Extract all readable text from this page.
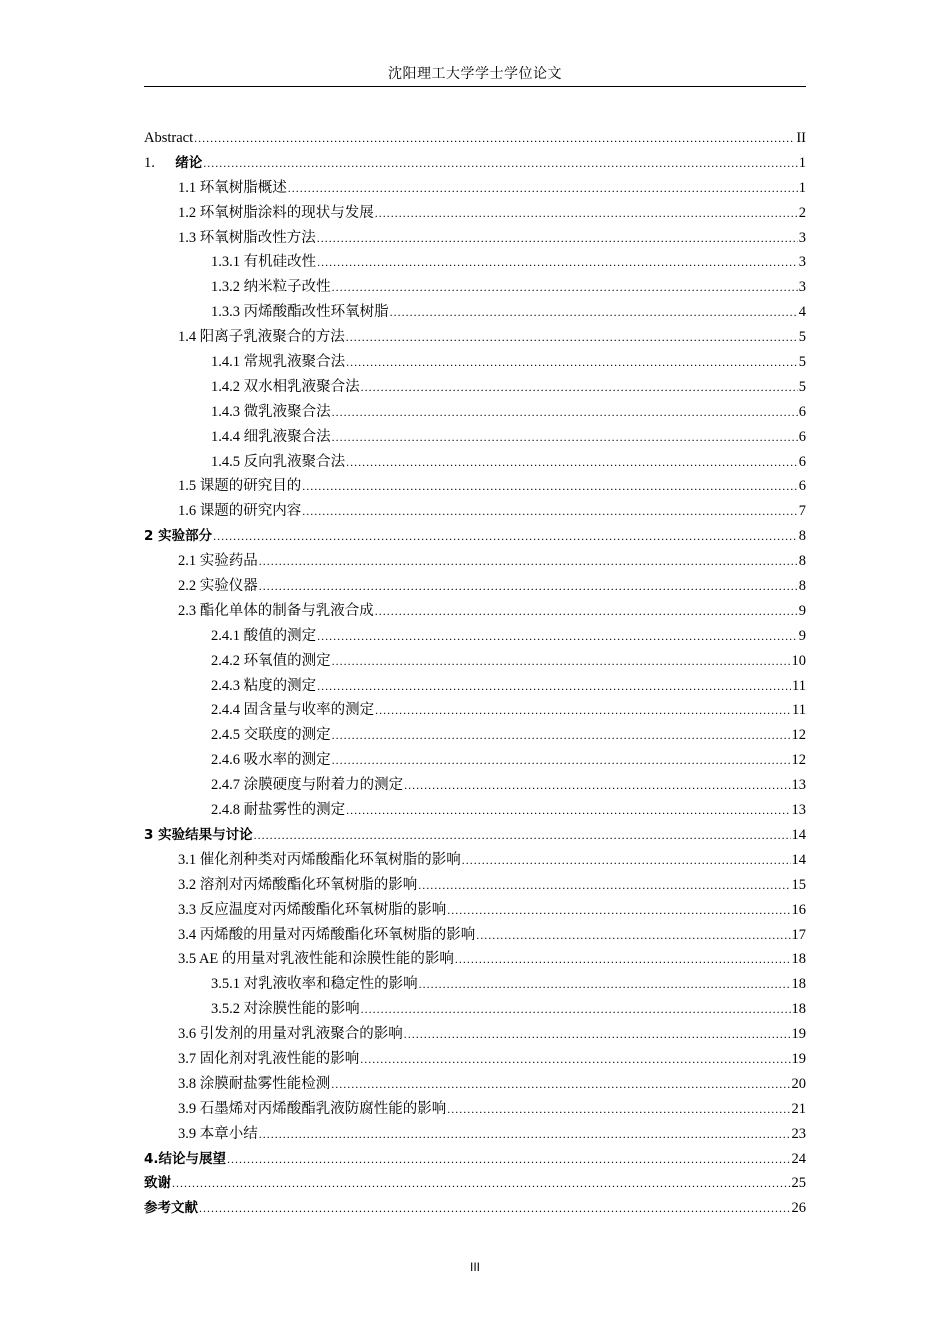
沈阳理工大学学士学位论文
Abstract .....	II
1. 绪论 .....	1
1.1 环氧树脂概述 .....	1
1.2 环氧树脂涂料的现状与发展 .....	2
1.3 环氧树脂改性方法 .....	3
1.3.1 有机硅改性 .....	3
1.3.2 纳米粒子改性 .....	3
1.3.3 丙烯酸酯改性环氧树脂 .....	4
1.4 阳离子乳液聚合的方法 .....	5
1.4.1 常规乳液聚合法 .....	5
1.4.2 双水相乳液聚合法 .....	5
1.4.3 微乳液聚合法 .....	6
1.4.4 细乳液聚合法 .....	6
1.4.5 反向乳液聚合法 .....	6
1.5 课题的研究目的 .....	6
1.6 课题的研究内容 .....	7
2 实验部分 .....	8
2.1 实验药品 .....	8
2.2 实验仪器 .....	8
2.3 酯化单体的制备与乳液合成 .....	9
2.4.1 酸值的测定 .....	9
2.4.2 环氧值的测定 .....	10
2.4.3 粘度的测定 .....	11
2.4.4 固含量与收率的测定 .....	11
2.4.5 交联度的测定 .....	12
2.4.6 吸水率的测定 .....	12
2.4.7 涂膜硬度与附着力的测定 .....	13
2.4.8 耐盐雾性的测定 .....	13
3 实验结果与讨论 .....	14
3.1 催化剂种类对丙烯酸酯化环氧树脂的影响 .....	14
3.2 溶剂对丙烯酸酯化环氧树脂的影响 .....	15
3.3 反应温度对丙烯酸酯化环氧树脂的影响 .....	16
3.4 丙烯酸的用量对丙烯酸酯化环氧树脂的影响 .....	17
3.5 AE 的用量对乳液性能和涂膜性能的影响 .....	18
3.5.1 对乳液收率和稳定性的影响 .....	18
3.5.2 对涂膜性能的影响 .....	18
3.6 引发剂的用量对乳液聚合的影响 .....	19
3.7 固化剂对乳液性能的影响 .....	19
3.8 涂膜耐盐雾性能检测 .....	20
3.9 石墨烯对丙烯酸酯乳液防腐性能的影响 .....	21
3.9 本章小结 .....	23
4.结论与展望 .....	24
致谢 .....	25
参考文献 .....	26
III
